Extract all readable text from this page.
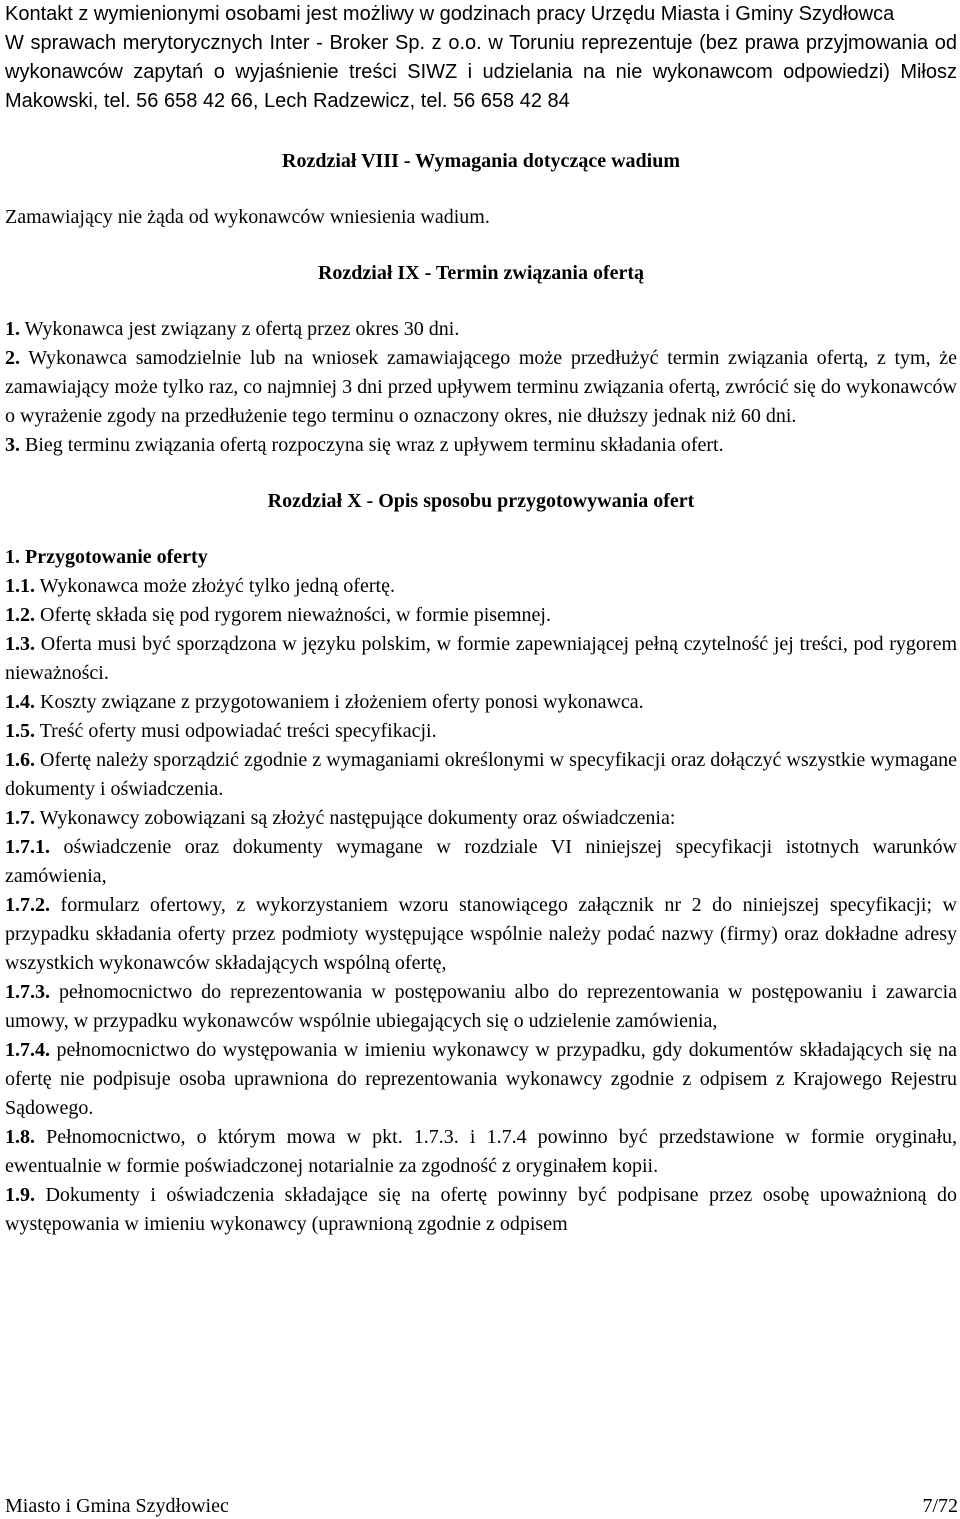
Kontakt z wymienionymi osobami jest możliwy w godzinach pracy Urzędu Miasta i Gminy Szydłowca

W sprawach merytorycznych Inter - Broker Sp. z o.o. w Toruniu reprezentuje (bez prawa przyjmowania od wykonawców zapytań o wyjaśnienie treści SIWZ i udzielania na nie wykonawcom odpowiedzi) Miłosz Makowski, tel. 56 658 42 66, Lech Radzewicz, tel. 56 658 42 84

Rozdział VIII - Wymagania dotyczące wadium

Zamawiający nie żąda od wykonawców wniesienia wadium.

Rozdział IX - Termin związania ofertą

1. Wykonawca jest związany z ofertą przez okres 30 dni.

2. Wykonawca samodzielnie lub na wniosek zamawiającego może przedłużyć termin związania ofertą, z tym, że zamawiający może tylko raz, co najmniej 3 dni przed upływem terminu związania ofertą, zwrócić się do wykonawców o wyrażenie zgody na przedłużenie tego terminu o oznaczony okres, nie dłuższy jednak niż 60 dni.

3. Bieg terminu związania ofertą rozpoczyna się wraz z upływem terminu składania ofert.

Rozdział X - Opis sposobu przygotowywania ofert

1. Przygotowanie oferty

1.1. Wykonawca może złożyć tylko jedną ofertę.

1.2. Ofertę składa się pod rygorem nieważności, w formie pisemnej.

1.3. Oferta musi być sporządzona w języku polskim, w formie zapewniającej pełną czytelność jej treści, pod rygorem nieważności.

1.4. Koszty związane z przygotowaniem i złożeniem oferty ponosi wykonawca.

1.5. Treść oferty musi odpowiadać treści specyfikacji.

1.6. Ofertę należy sporządzić zgodnie z wymaganiami określonymi w specyfikacji oraz dołączyć wszystkie wymagane dokumenty i oświadczenia.

1.7. Wykonawcy zobowiązani są złożyć następujące dokumenty oraz oświadczenia:

1.7.1. oświadczenie oraz dokumenty wymagane w rozdziale VI niniejszej specyfikacji istotnych warunków zamówienia,

1.7.2. formularz ofertowy, z wykorzystaniem wzoru stanowiącego załącznik nr 2 do niniejszej specyfikacji; w przypadku składania oferty przez podmioty występujące wspólnie należy podać nazwy (firmy) oraz dokładne adresy wszystkich wykonawców składających wspólną ofertę,

1.7.3. pełnomocnictwo do reprezentowania w postępowaniu albo do reprezentowania w postępowaniu i zawarcia umowy, w przypadku wykonawców wspólnie ubiegających się o udzielenie zamówienia,

1.7.4. pełnomocnictwo do występowania w imieniu wykonawcy w przypadku, gdy dokumentów składających się na ofertę nie podpisuje osoba uprawniona do reprezentowania wykonawcy zgodnie z odpisem z Krajowego Rejestru Sądowego.

1.8. Pełnomocnictwo, o którym mowa w pkt. 1.7.3. i 1.7.4 powinno być przedstawione w formie oryginału, ewentualnie w formie poświadczonej notarialnie za zgodność z oryginałem kopii.

1.9. Dokumenty i oświadczenia składające się na ofertę powinny być podpisane przez osobę upoważnioną do występowania w imieniu wykonawcy (uprawnioną zgodnie z odpisem

Miasto i Gmina Szydłowiec	7/72
